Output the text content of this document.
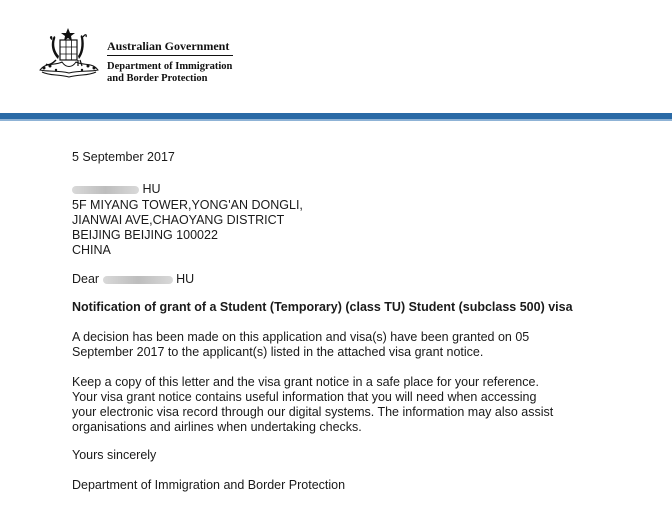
Australian Government
Department of Immigration
and Border Protection
5 September 2017
HU
5F MIYANG TOWER,YONG'AN DONGLI,
JIANWAI AVE,CHAOYANG DISTRICT
BEIJING BEIJING 100022
CHINA
Dear	HU
Notification of grant of a Student (Temporary) (class TU) Student (subclass 500) visa
A decision has been made on this application and visa(s) have been granted on 05
September 2017 to the applicant(s) listed in the attached visa grant notice.
Keep a copy of this letter and the visa grant notice in a safe place for your reference.
Your visa grant notice contains useful information that you will need when accessing
your electronic visa record through our digital systems. The information may also assist
organisations and airlines when undertaking checks.
Yours sincerely
Department of Immigration and Border Protection
